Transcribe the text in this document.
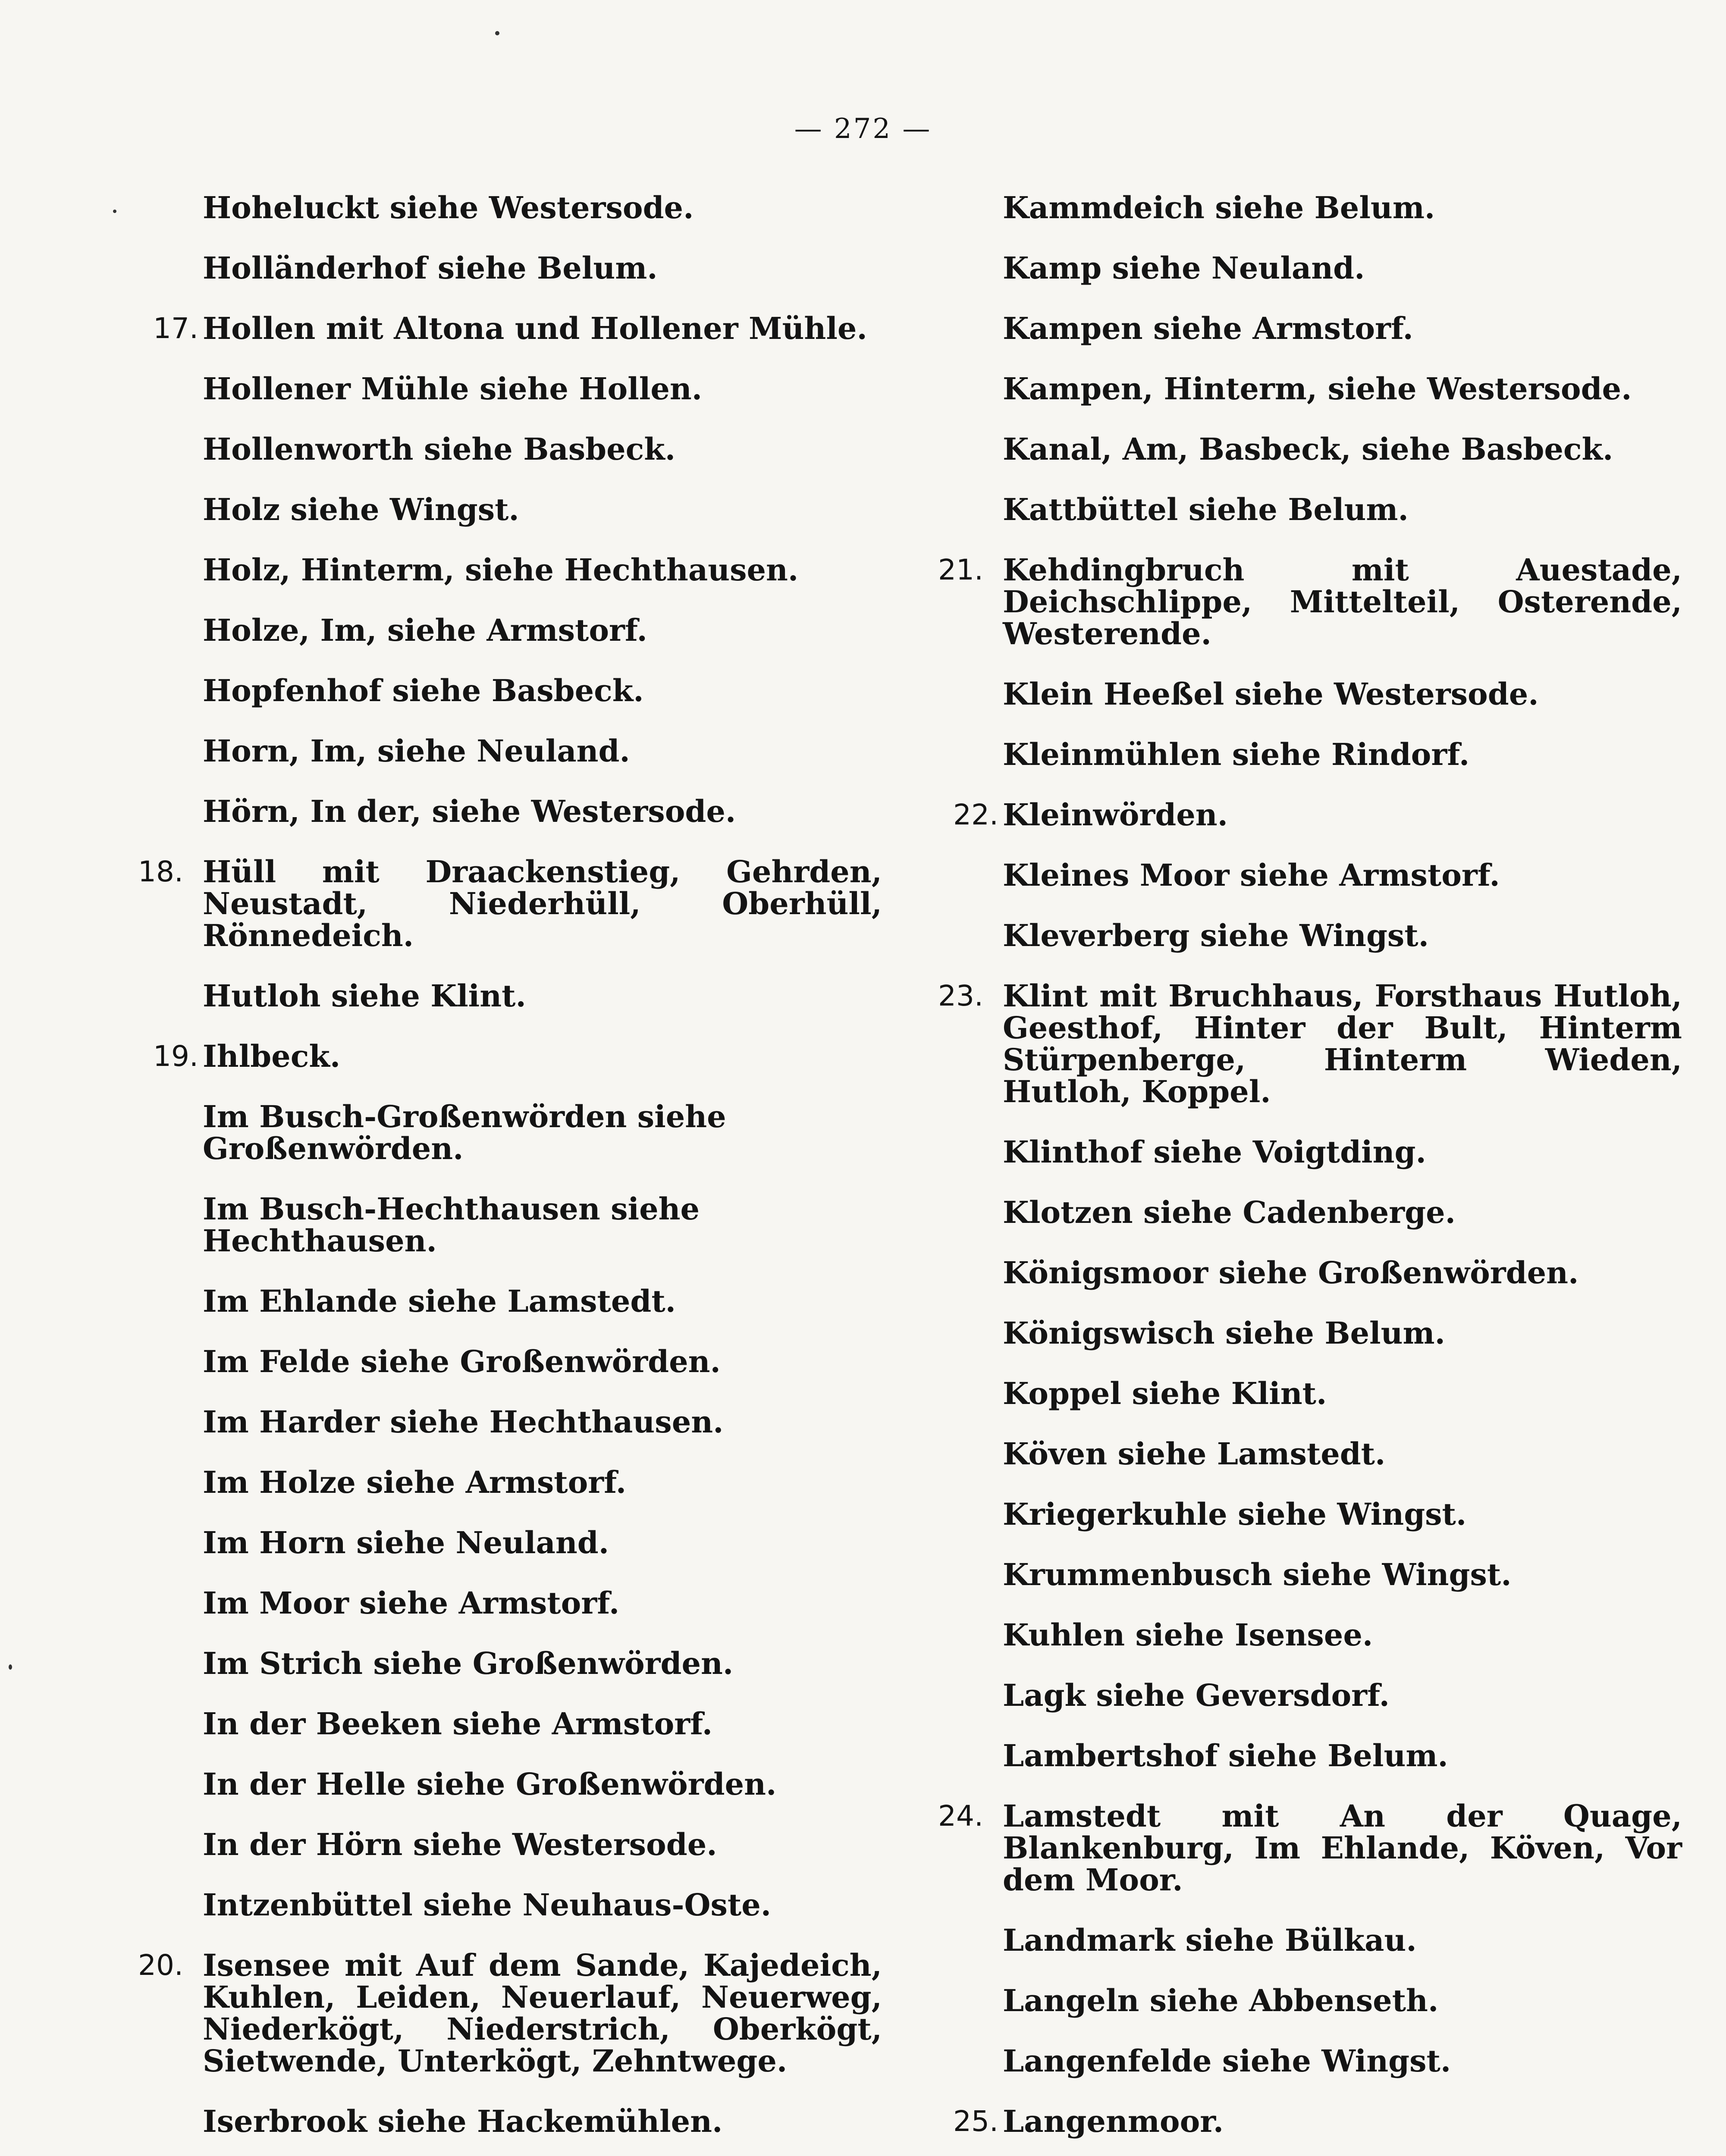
— 272 —
Hoheluckt siehe Westersode.
Holländerhof siehe Belum.
17. Hollen mit Altona und Hollener Mühle.
Hollener Mühle siehe Hollen.
Hollenworth siehe Basbeck.
Holz siehe Wingst.
Holz, Hinterm, siehe Hechthausen.
Holze, Im, siehe Armstorf.
Hopfenhof siehe Basbeck.
Horn, Im, siehe Neuland.
Hörn, In der, siehe Westersode.
18. Hüll mit Draackenstieg, Gehrden, Neustadt, Niederhüll, Oberhüll, Rönnedeich.
Hutloh siehe Klint.
19. Ihlbeck.
Im Busch-Großenwörden siehe Großenwörden.
Im Busch-Hechthausen siehe Hechthausen.
Im Ehlande siehe Lamstedt.
Im Felde siehe Großenwörden.
Im Harder siehe Hechthausen.
Im Holze siehe Armstorf.
Im Horn siehe Neuland.
Im Moor siehe Armstorf.
Im Strich siehe Großenwörden.
In der Beeken siehe Armstorf.
In der Helle siehe Großenwörden.
In der Hörn siehe Westersode.
Intzenbüttel siehe Neuhaus-Oste.
20. Isensee mit Auf dem Sande, Kajedeich, Kuhlen, Leiden, Neuerlauf, Neuerweg, Niederkögt, Niederstrich, Oberkögt, Sietwende, Unterkögt, Zehntwege.
Iserbrook siehe Hackemühlen.
Kammdeich siehe Belum.
Kamp siehe Neuland.
Kampen siehe Armstorf.
Kampen, Hinterm, siehe Westersode.
Kanal, Am, Basbeck, siehe Basbeck.
Kattbüttel siehe Belum.
21. Kehdingbruch mit Auestade, Deichschlippe, Mittelteil, Osterende, Westerende.
Klein Heeßel siehe Westersode.
Kleinmühlen siehe Rindorf.
22. Kleinwörden.
Kleines Moor siehe Armstorf.
Kleverberg siehe Wingst.
23. Klint mit Bruchhaus, Forsthaus Hutloh, Geesthof, Hinter der Bult, Hinterm Stürpenberge, Hinterm Wieden, Hutloh, Koppel.
Klinthof siehe Voigtding.
Klotzen siehe Cadenberge.
Königsmoor siehe Großenwörden.
Königswisch siehe Belum.
Koppel siehe Klint.
Köven siehe Lamstedt.
Kriegerkuhle siehe Wingst.
Krummenbusch siehe Wingst.
Kuhlen siehe Isensee.
Lagk siehe Geversdorf.
Lambertshof siehe Belum.
24. Lamstedt mit An der Quage, Blankenburg, Im Ehlande, Köven, Vor dem Moor.
Landmark siehe Bülkau.
Langeln siehe Abbenseth.
Langenfelde siehe Wingst.
25. Langenmoor.
